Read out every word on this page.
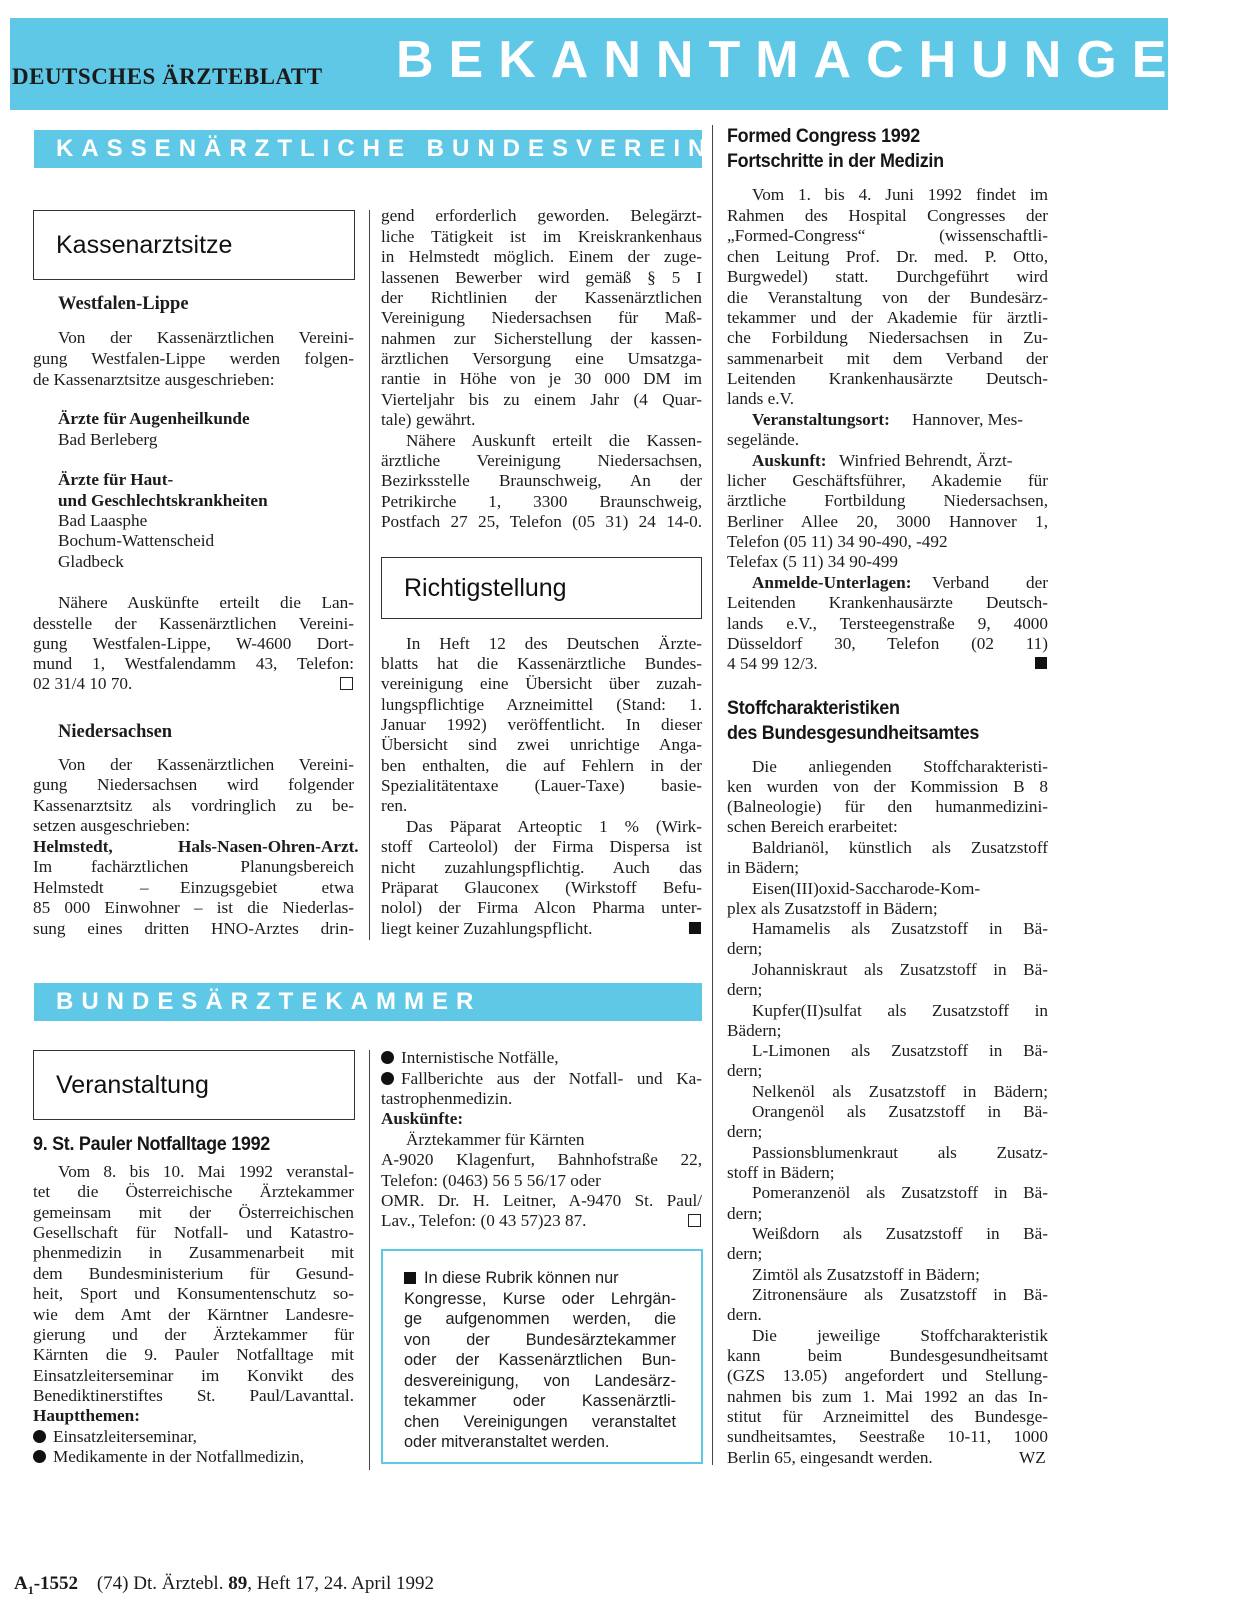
DEUTSCHES ÄRZTEBLATT BEKANNTMACHUNGEN
KASSENÄRZTLICHE BUNDESVEREINIGUNG
Kassenarztsitze
Westfalen-Lippe
Von der Kassenärztlichen Vereini-
gung Westfalen-Lippe werden folgen-
de Kassenarztsitze ausgeschrieben:
Ärzte für Augenheilkunde
Bad Berleberg
Ärzte für Haut-
und Geschlechtskrankheiten
Bad Laasphe
Bochum-Wattenscheid
Gladbeck
Nähere Auskünfte erteilt die Lan-
desstelle der Kassenärztlichen Vereini-
gung Westfalen-Lippe, W-4600 Dort-
mund 1, Westfalendamm 43, Telefon:
02 31/4 10 70.
Niedersachsen
Von der Kassenärztlichen Vereini-
gung Niedersachsen wird folgender
Kassenarztsitz als vordringlich zu be-
setzen ausgeschrieben:
Helmstedt,	Hals-Nasen-Ohren-Arzt.
Im fachärztlichen Planungsbereich
Helmstedt – Einzugsgebiet etwa
85 000 Einwohner – ist die Niederlas-
sung eines dritten HNO-Arztes drin-
gend erforderlich geworden. Belegärzt-
liche Tätigkeit ist im Kreiskrankenhaus
in Helmstedt möglich. Einem der zuge-
lassenen Bewerber wird gemäß § 5 I
der Richtlinien der Kassenärztlichen
Vereinigung Niedersachsen für Maß-
nahmen zur Sicherstellung der kassen-
ärztlichen Versorgung eine Umsatzga-
rantie in Höhe von je 30 000 DM im
Vierteljahr bis zu einem Jahr (4 Quar-
tale) gewährt.
Nähere Auskunft erteilt die Kassen-
ärztliche Vereinigung Niedersachsen,
Bezirksstelle Braunschweig, An der
Petrikirche 1, 3300 Braunschweig,
Postfach 27 25, Telefon (05 31) 24 14-0.
Richtigstellung
In Heft 12 des Deutschen Ärzte-
blatts hat die Kassenärztliche Bundes-
vereinigung eine Übersicht über zuzah-
lungspflichtige Arzneimittel (Stand: 1.
Januar 1992) veröffentlicht. In dieser
Übersicht sind zwei unrichtige Anga-
ben enthalten, die auf Fehlern in der
Spezialitätentaxe (Lauer-Taxe) basie-
ren.
Das Päparat Arteoptic 1 % (Wirk-
stoff Carteolol) der Firma Dispersa ist
nicht zuzahlungspflichtig. Auch das
Präparat Glauconex (Wirkstoff Befu-
nolol) der Firma Alcon Pharma unter-
liegt keiner Zuzahlungspflicht.
Formed Congress 1992
Fortschritte in der Medizin
Vom 1. bis 4. Juni 1992 findet im
Rahmen des Hospital Congresses der
„Formed-Congress“ (wissenschaftli-
chen Leitung Prof. Dr. med. P. Otto,
Burgwedel) statt. Durchgeführt wird
die Veranstaltung von der Bundesärz-
tekammer und der Akademie für ärztli-
che Forbildung Niedersachsen in Zu-
sammenarbeit mit dem Verband der
Leitenden Krankenhausärzte Deutsch-
lands e.V.
Veranstaltungsort: Hannover, Mes-
segelände.
Auskunft: Winfried Behrendt, Ärzt-
licher Geschäftsführer, Akademie für
ärztliche Fortbildung Niedersachsen,
Berliner Allee 20, 3000 Hannover 1,
Telefon (05 11) 34 90-490, -492
Telefax (5 11) 34 90-499
Anmelde-Unterlagen: Verband der
Leitenden Krankenhausärzte Deutsch-
lands e.V., Tersteegenstraße 9, 4000
Düsseldorf 30, Telefon (02 11)
4 54 99 12/3.
Stoffcharakteristiken
des Bundesgesundheitsamtes
Die anliegenden Stoffcharakteristi-
ken wurden von der Kommission B 8
(Balneologie) für den humanmedizini-
schen Bereich erarbeitet:
Baldrianöl, künstlich als Zusatzstoff
in Bädern;
Eisen(III)oxid-Saccharode-Kom-
plex als Zusatzstoff in Bädern;
Hamamelis als Zusatzstoff in Bä-
dern;
Johanniskraut als Zusatzstoff in Bä-
dern;
Kupfer(II)sulfat als Zusatzstoff in
Bädern;
L-Limonen als Zusatzstoff in Bä-
dern;
Nelkenöl als Zusatzstoff in Bädern;
Orangenöl als Zusatzstoff in Bä-
dern;
Passionsblumenkraut als Zusatz-
stoff in Bädern;
Pomeranzenöl als Zusatzstoff in Bä-
dern;
Weißdorn als Zusatzstoff in Bä-
dern;
Zimtöl als Zusatzstoff in Bädern;
Zitronensäure als Zusatzstoff in Bä-
dern.
Die jeweilige Stoffcharakteristik
kann beim Bundesgesundheitsamt
(GZS 13.05) angefordert und Stellung-
nahmen bis zum 1. Mai 1992 an das In-
stitut für Arzneimittel des Bundesge-
sundheitsamtes, Seestraße 10-11, 1000
Berlin 65, eingesandt werden.	WZ
BUNDESÄRZTEKAMMER
Veranstaltung
9. St. Pauler Notfalltage 1992
Vom 8. bis 10. Mai 1992 veranstal-
tet die Österreichische Ärztekammer
gemeinsam mit der Österreichischen
Gesellschaft für Notfall- und Katastro-
phenmedizin in Zusammenarbeit mit
dem Bundesministerium für Gesund-
heit, Sport und Konsumentenschutz so-
wie dem Amt der Kärntner Landesre-
gierung und der Ärztekammer für
Kärnten die 9. Pauler Notfalltage mit
Einsatzleiterseminar im Konvikt des
Benediktinerstiftes St. Paul/Lavanttal.
Hauptthemen:
Einsatzleiterseminar,
Medikamente in der Notfallmedizin,
Internistische Notfälle,
Fallberichte aus der Notfall- und Ka-
tastrophenmedizin.
Auskünfte:
Ärztekammer für Kärnten
A-9020 Klagenfurt, Bahnhofstraße 22,
Telefon: (0463) 56 5 56/17 oder
OMR. Dr. H. Leitner, A-9470 St. Paul/
Lav., Telefon: (0 43 57)23 87.
In diese Rubrik können nur
Kongresse, Kurse oder Lehrgän-
ge aufgenommen werden, die
von der Bundesärztekammer
oder der Kassenärztlichen Bun-
desvereinigung, von Landesärz-
tekammer oder Kassenärztli-
chen Vereinigungen veranstaltet
oder mitveranstaltet werden.
$A_1-1552$ (74) Dt. Ärztebl. 89, Heft 17, 24. April 1992
